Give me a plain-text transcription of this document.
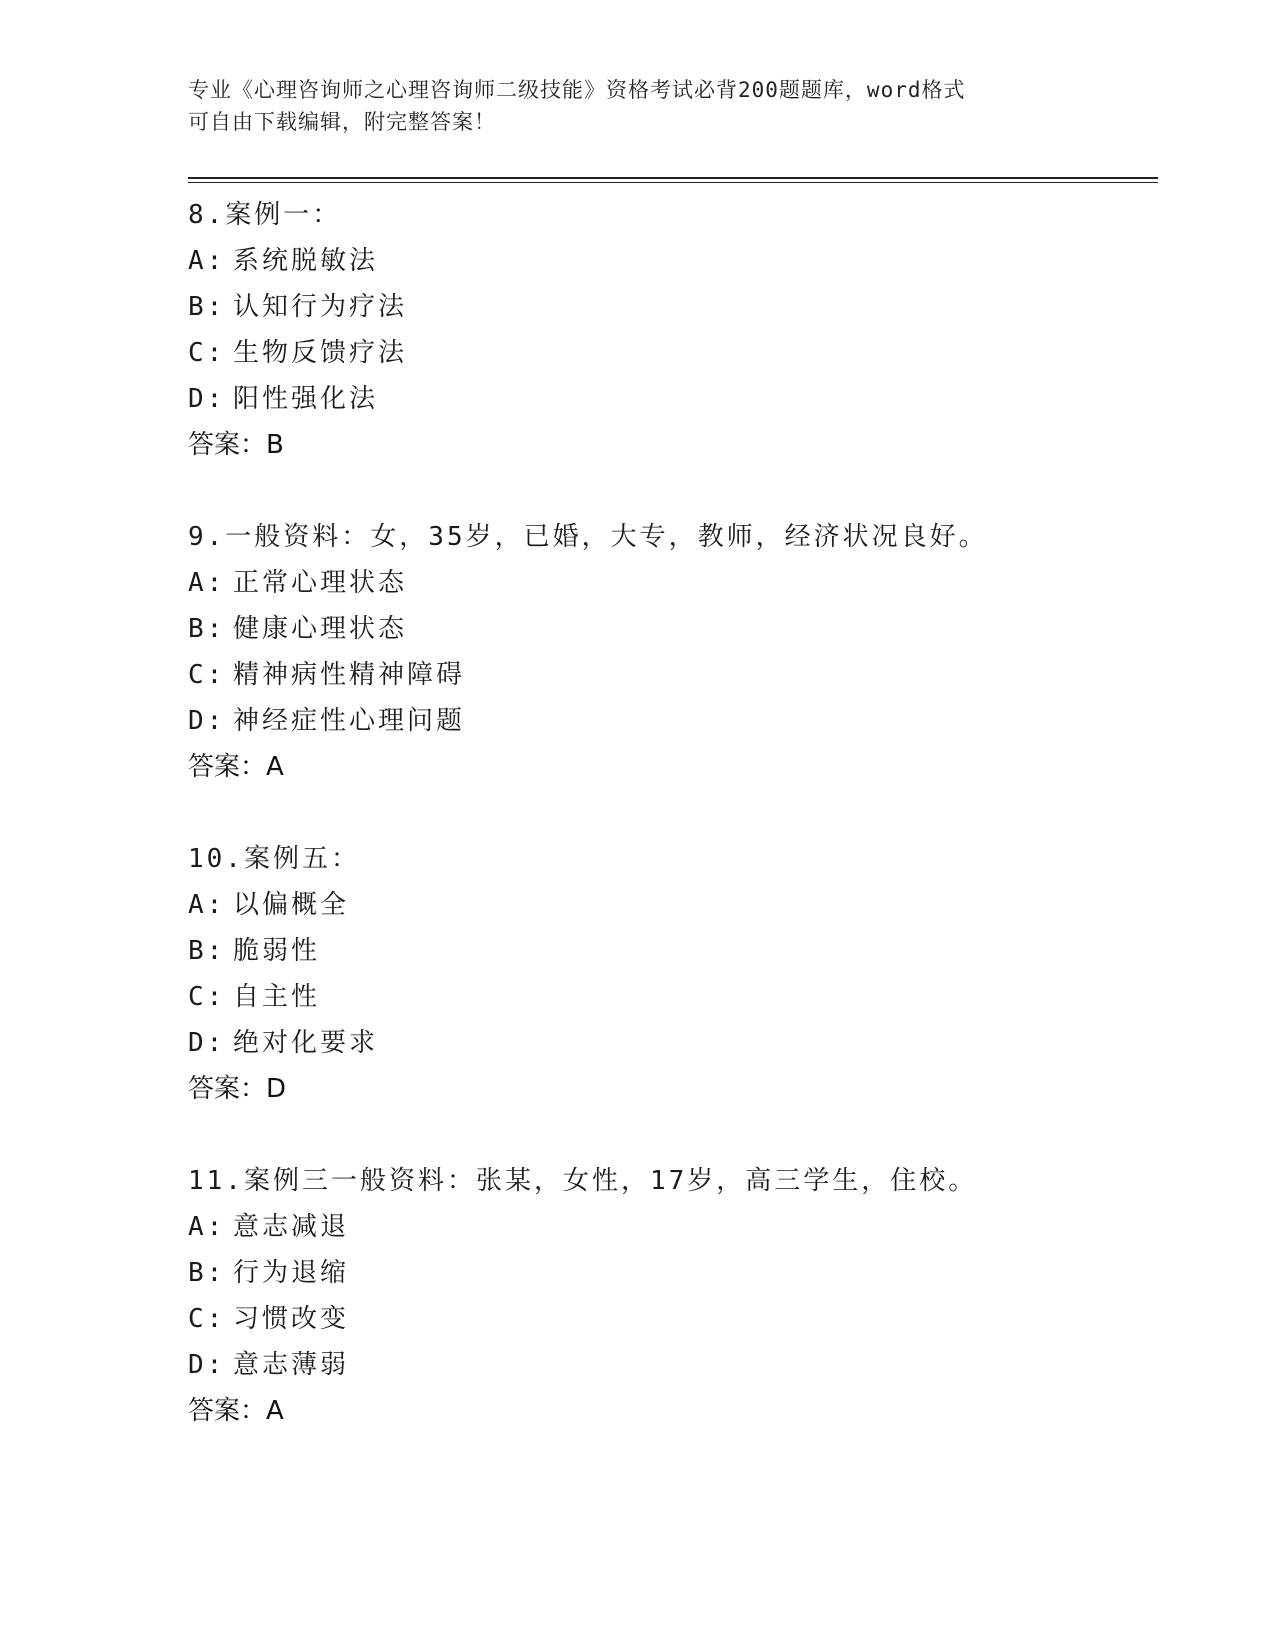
专业《心理咨询师之心理咨询师二级技能》资格考试必背200题题库，word格式
可自由下载编辑，附完整答案！
8.案例一：
A: 系统脱敏法
B: 认知行为疗法
C: 生物反馈疗法
D: 阳性强化法
答案：B
9.一般资料：女，35岁，已婚，大专，教师，经济状况良好。
A: 正常心理状态
B: 健康心理状态
C: 精神病性精神障碍
D: 神经症性心理问题
答案：A
10.案例五：
A: 以偏概全
B: 脆弱性
C: 自主性
D: 绝对化要求
答案：D
11.案例三一般资料：张某，女性，17岁，高三学生，住校。
A: 意志减退
B: 行为退缩
C: 习惯改变
D: 意志薄弱
答案：A
